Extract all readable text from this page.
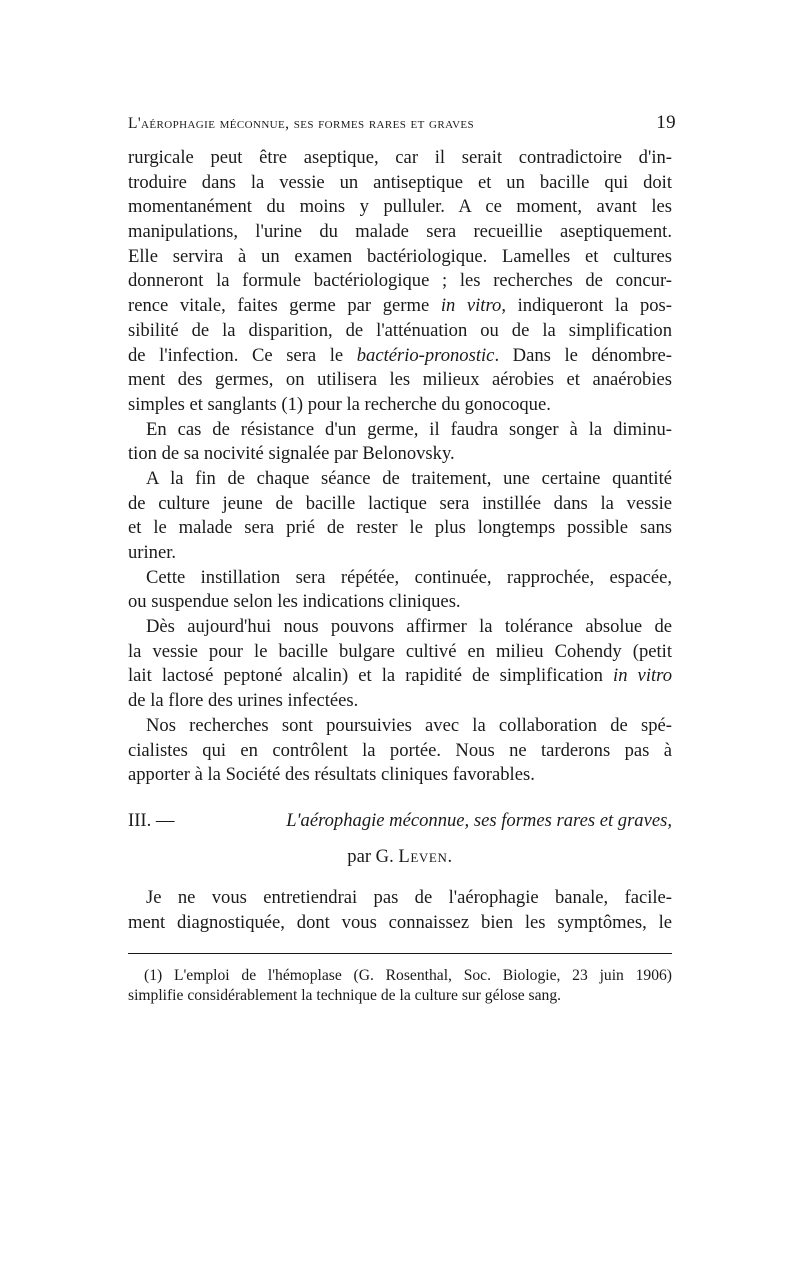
L'aérophagie méconnue, ses formes rares et graves	19
rurgicale peut être aseptique, car il serait contradictoire d'in-
troduire dans la vessie un antiseptique et un bacille qui doit
momentanément du moins y pulluler. A ce moment, avant les
manipulations, l'urine du malade sera recueillie aseptiquement.
Elle servira à un examen bactériologique. Lamelles et cultures
donneront la formule bactériologique ; les recherches de concur-
rence vitale, faites germe par germe in vitro, indiqueront la pos-
sibilité de la disparition, de l'atténuation ou de la simplification
de l'infection. Ce sera le bactério-pronostic. Dans le dénombre-
ment des germes, on utilisera les milieux aérobies et anaérobies
simples et sanglants (1) pour la recherche du gonocoque.
En cas de résistance d'un germe, il faudra songer à la diminu-
tion de sa nocivité signalée par Belonovsky.
A la fin de chaque séance de traitement, une certaine quantité
de culture jeune de bacille lactique sera instillée dans la vessie
et le malade sera prié de rester le plus longtemps possible sans
uriner.
Cette instillation sera répétée, continuée, rapprochée, espacée,
ou suspendue selon les indications cliniques.
Dès aujourd'hui nous pouvons affirmer la tolérance absolue de
la vessie pour le bacille bulgare cultivé en milieu Cohendy (petit
lait lactosé peptoné alcalin) et la rapidité de simplification in vitro
de la flore des urines infectées.
Nos recherches sont poursuivies avec la collaboration de spé-
cialistes qui en contrôlent la portée. Nous ne tarderons pas à
apporter à la Société des résultats cliniques favorables.
III. —	L'aérophagie méconnue, ses formes rares et graves,
par G. Leven.
Je ne vous entretiendrai pas de l'aérophagie banale, facile-
ment diagnostiquée, dont vous connaissez bien les symptômes, le
(1) L'emploi de l'hémoplase (G. Rosenthal, Soc. Biologie, 23 juin 1906)
simplifie considérablement la technique de la culture sur gélose sang.
